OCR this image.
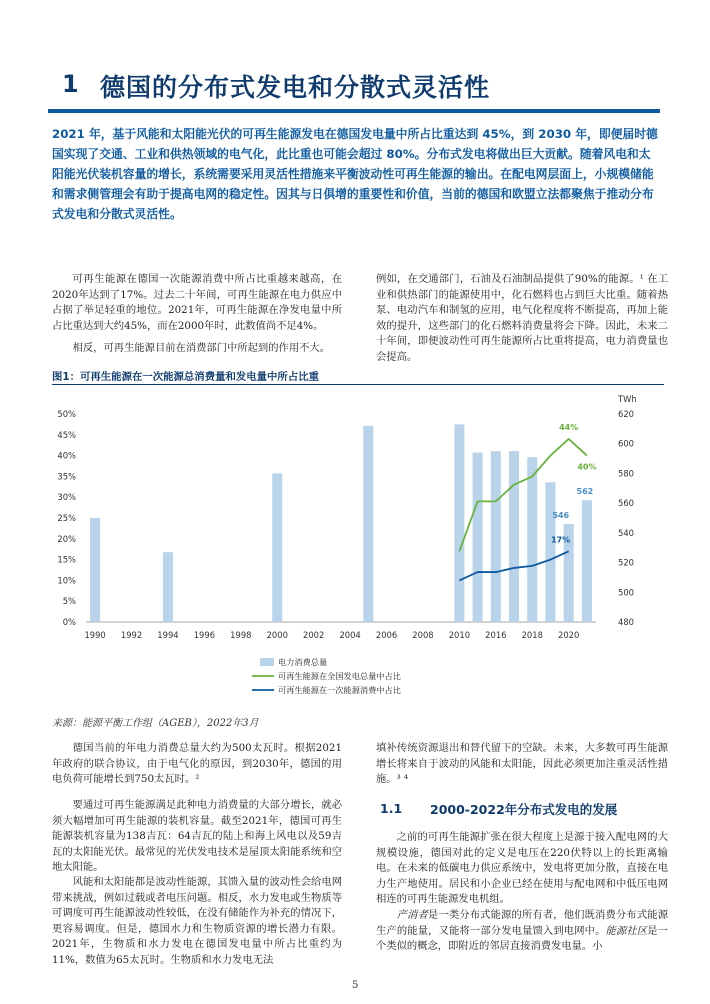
1 德国的分布式发电和分散式灵活性

2021 年，基于风能和太阳能光伏的可再生能源发电在德国发电量中所占比重达到 45%，到 2030 年，即便届时德国实现了交通、工业和供热领域的电气化，此比重也可能会超过 80%。分布式发电将做出巨大贡献。随着风电和太阳能光伏装机容量的增长，系统需要采用灵活性措施来平衡波动性可再生能源的输出。在配电网层面上，小规模储能和需求侧管理会有助于提高电网的稳定性。因其与日俱增的重要性和价值，当前的德国和欧盟立法都聚焦于推动分布式发电和分散式灵活性。

可再生能源在德国一次能源消费中所占比重越来越高，在2020年达到了17%。过去二十年间，可再生能源在电力供应中占据了举足轻重的地位。2021年，可再生能源在净发电量中所占比重达到大约45%，而在2000年时，此数值尚不足4%。

相反，可再生能源目前在消费部门中所起到的作用不大。

例如，在交通部门，石油及石油制品提供了90%的能源。¹ 在工业和供热部门的能源使用中，化石燃料也占到巨大比重。随着热泵、电动汽车和制氢的应用，电气化程度将不断提高，再加上能效的提升，这些部门的化石燃料消费量将会下降。因此，未来二十年间，即便波动性可再生能源所占比重将提高，电力消费量也会提高。

图1：可再生能源在一次能源总消费量和发电量中所占比重
0%
5%
10%
15%
20%
25%
30%
35%
40%
45%
50%
480
500
520
540
560
580
600
620
TWh
1990 1992 1994 1996 1998 2000 2002 2004 2006 2008 2010 2016 2018 2020
44%
40%
17%
546
562
电力消费总量
可再生能源在全国发电总量中占比
可再生能源在一次能源消费中占比
来源：能源平衡工作组（AGEB），2022年3月

德国当前的年电力消费总量大约为500太瓦时。根据2021年政府的联合协议，由于电气化的原因，到2030年，德国的用电负荷可能增长到750太瓦时。²

要通过可再生能源满足此种电力消费量的大部分增长，就必须大幅增加可再生能源的装机容量。截至2021年，德国可再生能源装机容量为138吉瓦：64吉瓦的陆上和海上风电以及59吉瓦的太阳能光伏。最常见的光伏发电技术是屋顶太阳能系统和空地太阳能。

风能和太阳能都是波动性能源，其馈入量的波动性会给电网带来挑战，例如过载或者电压问题。相反，水力发电或生物质等可调度可再生能源波动性较低，在没有储能作为补充的情况下，更容易调度。但是，德国水力和生物质资源的增长潜力有限。2021年，生物质和水力发电在德国发电量中所占比重约为11%，数值为65太瓦时。生物质和水力发电无法

填补传统资源退出和替代留下的空缺。未来，大多数可再生能源增长将来自于波动的风能和太阳能，因此必须更加注重灵活性措施。³ ⁴

1.1 2000-2022年分布式发电的发展

之前的可再生能源扩张在很大程度上是源于接入配电网的大规模设施，德国对此的定义是电压在220伏特以上的长距离输电。在未来的低碳电力供应系统中，发电将更加分散，直接在电力生产地使用。居民和小企业已经在使用与配电网和中低压电网相连的可再生能源发电机组。

产消者是一类分布式能源的所有者，他们既消费分布式能源生产的能量，又能将一部分发电量馈入到电网中。能源社区是一个类似的概念，即附近的邻居直接消费发电量。小

5
